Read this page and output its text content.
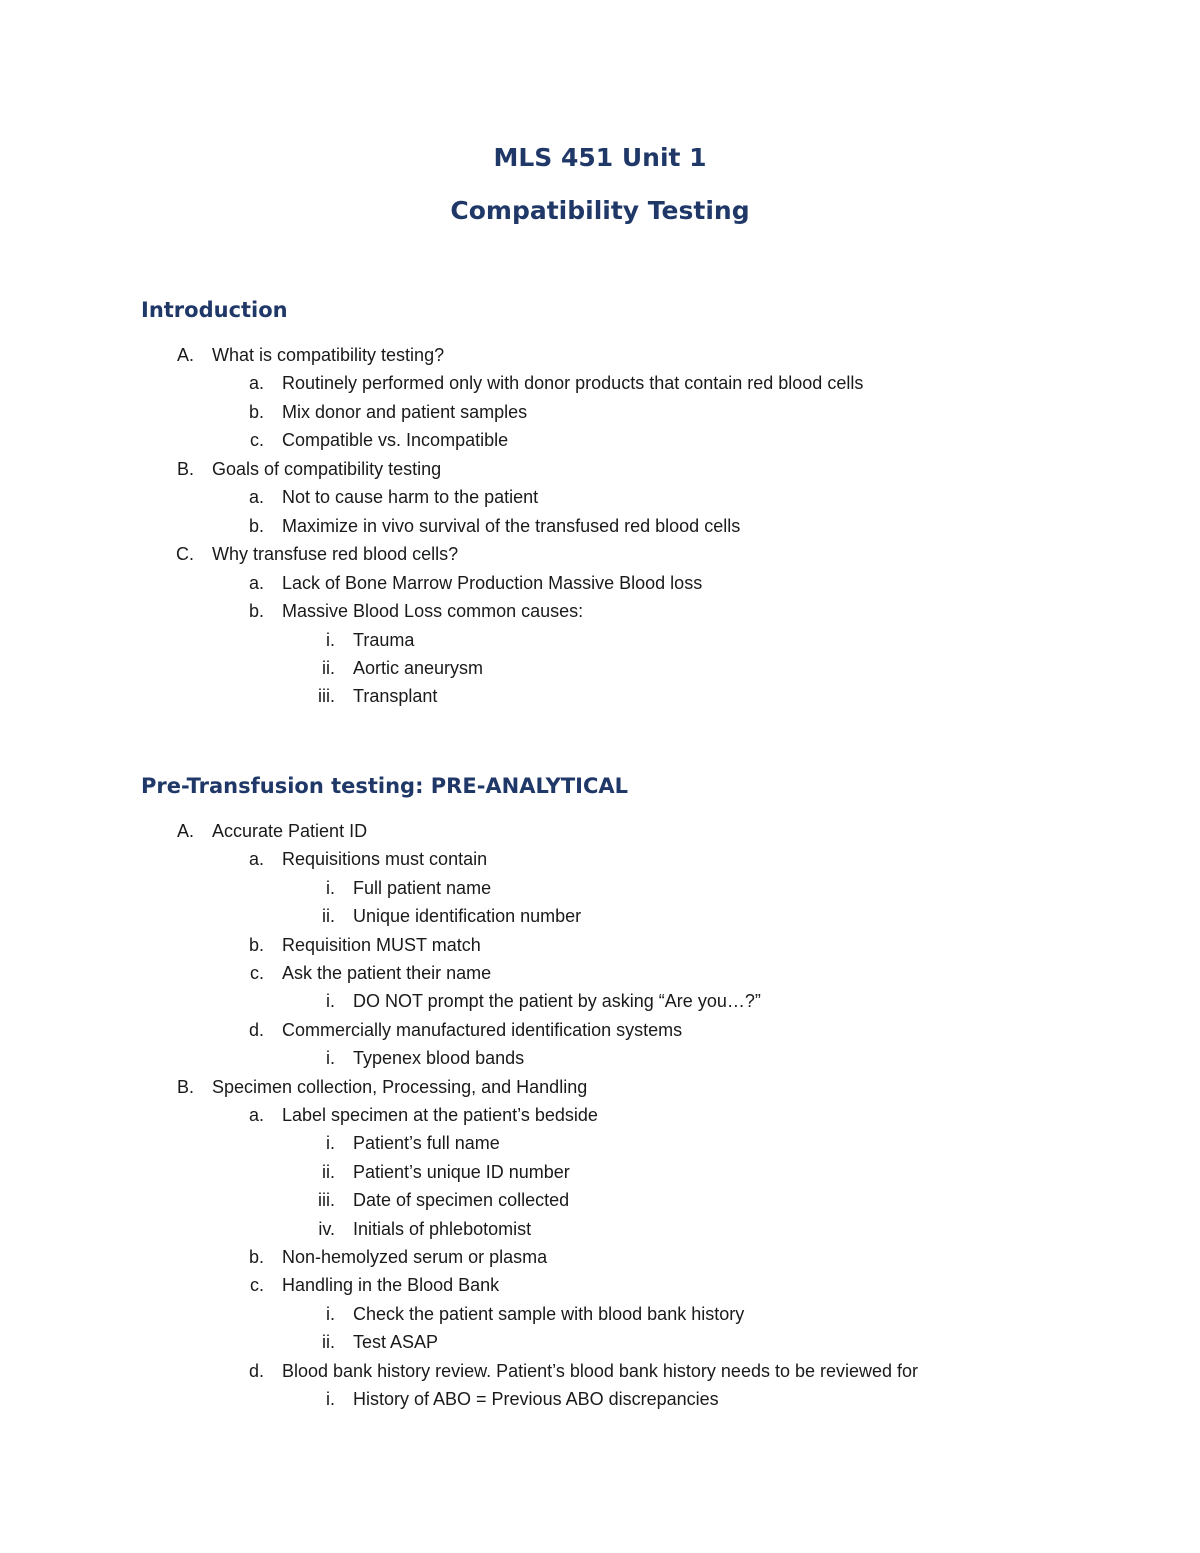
MLS 451 Unit 1
Compatibility Testing
Introduction
A. What is compatibility testing?
a. Routinely performed only with donor products that contain red blood cells
b. Mix donor and patient samples
c. Compatible vs. Incompatible
B. Goals of compatibility testing
a. Not to cause harm to the patient
b. Maximize in vivo survival of the transfused red blood cells
C. Why transfuse red blood cells?
a. Lack of Bone Marrow Production Massive Blood loss
b. Massive Blood Loss common causes:
i. Trauma
ii. Aortic aneurysm
iii. Transplant
Pre-Transfusion testing: PRE-ANALYTICAL
A. Accurate Patient ID
a. Requisitions must contain
i. Full patient name
ii. Unique identification number
b. Requisition MUST match
c. Ask the patient their name
i. DO NOT prompt the patient by asking “Are you…?”
d. Commercially manufactured identification systems
i. Typenex blood bands
B. Specimen collection, Processing, and Handling
a. Label specimen at the patient’s bedside
i. Patient’s full name
ii. Patient’s unique ID number
iii. Date of specimen collected
iv. Initials of phlebotomist
b. Non-hemolyzed serum or plasma
c. Handling in the Blood Bank
i. Check the patient sample with blood bank history
ii. Test ASAP
d. Blood bank history review. Patient’s blood bank history needs to be reviewed for
i. History of ABO = Previous ABO discrepancies
